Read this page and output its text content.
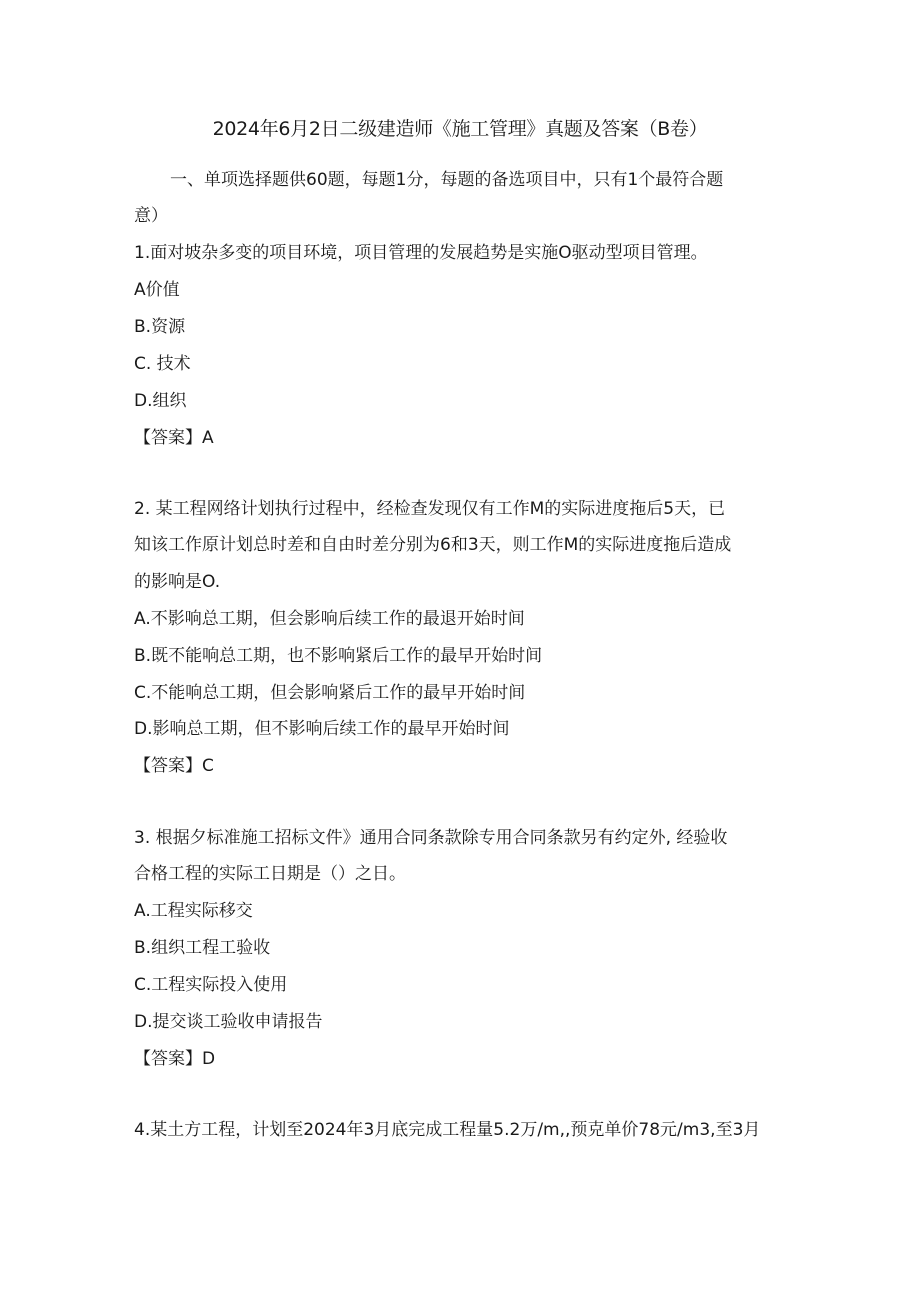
2024年6月2日二级建造师《施工管理》真题及答案（B卷）
一、单项选择题供60题，每题1分，每题的备选项目中，只有1个最符合题
意）
1.面对坡杂多变的项目环境，项目管理的发展趋势是实施O驱动型项目管理。
A价值
B.资源
C. 技术
D.组织
【答案】A
2. 某工程网络计划执行过程中，经检查发现仅有工作M的实际进度拖后5天，已
知该工作原计划总时差和自由时差分别为6和3天，则工作M的实际进度拖后造成
的影响是O.
A.不影响总工期，但会影响后续工作的最退开始时间
B.既不能响总工期，也不影响紧后工作的最早开始时间
C.不能响总工期，但会影响紧后工作的最早开始时间
D.影响总工期，但不影响后续工作的最早开始时间
【答案】C
3. 根据夕标准施工招标文件》通用合同条款除专用合同条款另有约定外, 经验收
合格工程的实际工日期是（）之日。
A.工程实际移交
B.组织工程工验收
C.工程实际投入使用
D.提交谈工验收申请报告
【答案】D
4.某土方工程，计划至2024年3月底完成工程量5.2万/m,,预克单价78元/m3,至3月
